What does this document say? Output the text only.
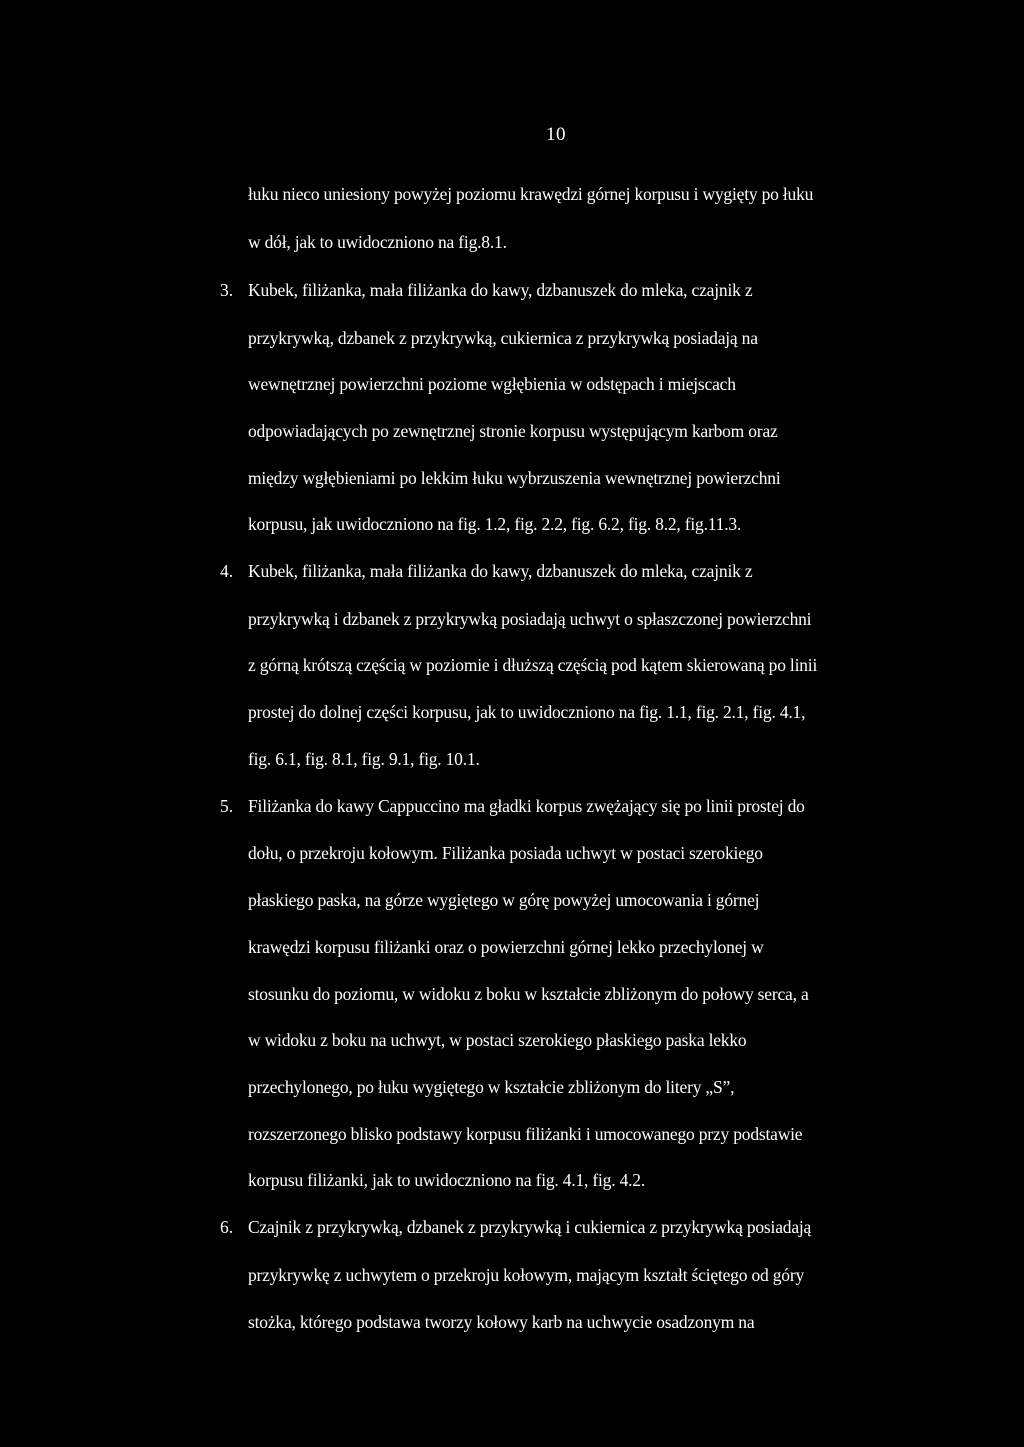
10
łuku nieco uniesiony powyżej poziomu krawędzi górnej korpusu i wygięty po łuku
w dół, jak to uwidoczniono na fig.8.1.
3. Kubek, filiżanka, mała filiżanka do kawy, dzbanuszek do mleka, czajnik z
przykrywką, dzbanek z przykrywką, cukiernica z przykrywką posiadają na
wewnętrznej powierzchni poziome wgłębienia w odstępach i miejscach
odpowiadających po zewnętrznej stronie korpusu występującym karbom oraz
między wgłębieniami po lekkim łuku wybrzuszenia wewnętrznej powierzchni
korpusu, jak uwidoczniono na fig. 1.2, fig. 2.2, fig. 6.2, fig. 8.2, fig.11.3.
4. Kubek, filiżanka, mała filiżanka do kawy, dzbanuszek do mleka, czajnik z
przykrywką i dzbanek z przykrywką posiadają uchwyt o spłaszczonej powierzchni
z górną krótszą częścią w poziomie i dłuższą częścią pod kątem skierowaną po linii
prostej do dolnej części korpusu, jak to uwidoczniono na fig. 1.1, fig. 2.1, fig. 4.1,
fig. 6.1, fig. 8.1, fig. 9.1, fig. 10.1.
5. Filiżanka do kawy Cappuccino ma gładki korpus zwężający się po linii prostej do
dołu, o przekroju kołowym. Filiżanka posiada uchwyt w postaci szerokiego
płaskiego paska, na górze wygiętego w górę powyżej umocowania i górnej
krawędzi korpusu filiżanki oraz o powierzchni górnej lekko przechylonej w
stosunku do poziomu, w widoku z boku w kształcie zbliżonym do połowy serca, a
w widoku z boku na uchwyt, w postaci szerokiego płaskiego paska lekko
przechylonego, po łuku wygiętego w kształcie zbliżonym do litery „S”,
rozszerzonego blisko podstawy korpusu filiżanki i umocowanego przy podstawie
korpusu filiżanki, jak to uwidoczniono na fig. 4.1, fig. 4.2.
6. Czajnik z przykrywką, dzbanek z przykrywką i cukiernica z przykrywką posiadają
przykrywkę z uchwytem o przekroju kołowym, mającym kształt ściętego od góry
stożka, którego podstawa tworzy kołowy karb na uchwycie osadzonym na
